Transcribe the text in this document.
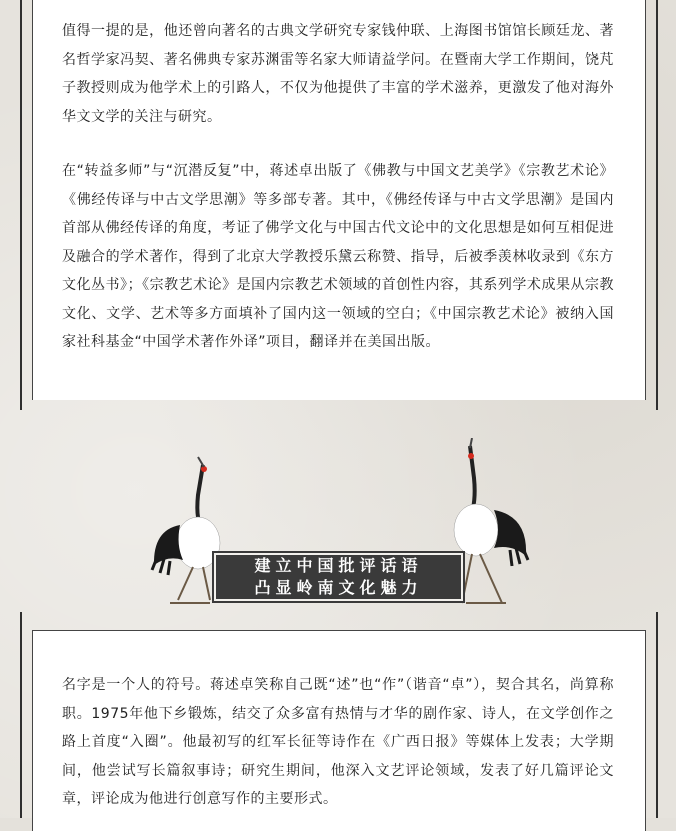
值得一提的是，他还曾向著名的古典文学研究专家钱仲联、上海图书馆馆长顾廷龙、著名哲学家冯契、著名佛典专家苏渊雷等名家大师请益学问。在暨南大学工作期间，饶芃子教授则成为他学术上的引路人，不仅为他提供了丰富的学术滋养，更激发了他对海外华文文学的关注与研究。

在“转益多师”与“沉潜反复”中，蒋述卓出版了《佛教与中国文艺美学》《宗教艺术论》《佛经传译与中古文学思潮》等多部专著。其中，《佛经传译与中古文学思潮》是国内首部从佛经传译的角度，考证了佛学文化与中国古代文论中的文化思想是如何互相促进及融合的学术著作，得到了北京大学教授乐黛云称赞、指导，后被季羡林收录到《东方文化丛书》；《宗教艺术论》是国内宗教艺术领域的首创性内容，其系列学术成果从宗教文化、文学、艺术等多方面填补了国内这一领域的空白；《中国宗教艺术论》被纳入国家社科基金“中国学术著作外译”项目，翻译并在美国出版。

建立中国批评话语
凸显岭南文化魅力

名字是一个人的符号。蒋述卓笑称自己既“述”也“作”（谐音“卓”），契合其名，尚算称职。1975年他下乡锻炼，结交了众多富有热情与才华的剧作家、诗人，在文学创作之路上首度“入圈”。他最初写的红军长征等诗作在《广西日报》等媒体上发表；大学期间，他尝试写长篇叙事诗；研究生期间，他深入文艺评论领域，发表了好几篇评论文章，评论成为他进行创意写作的主要形式。
